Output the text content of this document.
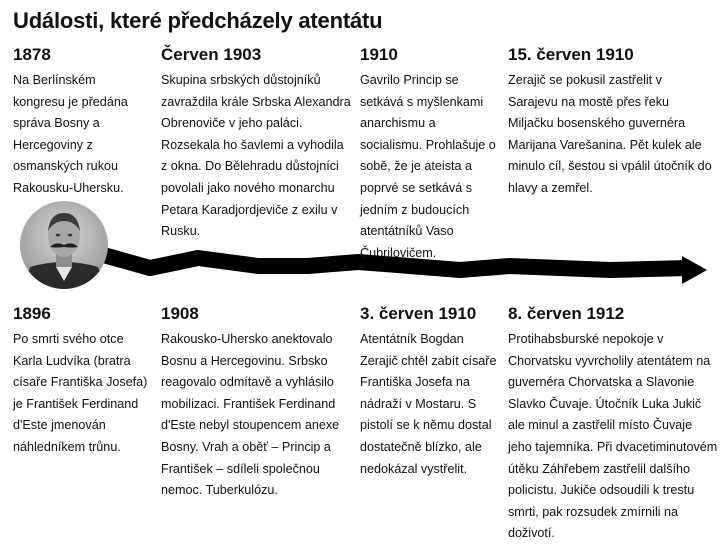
Události, které předcházely atentátu
1878
Na Berlínském kongresu je předána správa Bosny a Hercegoviny z osmanských rukou Rakousku-Uhersku.
Červen 1903
Skupina srbských důstojníků zavraždila krále Srbska Alexandra Obrenoviče v jeho paláci. Rozsekala ho šavlemi a vyhodila z okna. Do Bělehradu důstojníci povolali jako nového monarchu Petara Karadjordjeviče z exilu v Rusku.
1910
Gavrilo Princip se setkává s myšlenkami anarchismu a socialismu. Prohlašuje o sobě, že je ateista a poprvé se setkává s jedním z budoucích atentátníků Vaso Čubrilovičem.
15. červen 1910
Zerajič se pokusil zastřelit v Sarajevu na mostě přes řeku Miljačku bosenského guvernéra Marijana Varešanina. Pět kulek ale minulo cíl, šestou si vpálil útočník do hlavy a zemřel.
1896
Po smrti svého otce Karla Ludvíka (bratra císaře Františka Josefa) je František Ferdinand d'Este jmenován náhledníkem trůnu.
1908
Rakousko-Uhersko anektovalo Bosnu a Hercegovinu. Srbsko reagovalo odmítavě a vyhlásilo mobilizaci. František Ferdinand d'Este nebyl stoupencem anexe Bosny. Vrah a oběť – Princip a František – sdíleli společnou nemoc. Tuberkulózu.
3. červen 1910
Atentátník Bogdan Zerajič chtěl zabít císaře Františka Josefa na nádraží v Mostaru. S pistolí se k němu dostal dostatečně blízko, ale nedokázal vystřelit.
8. červen 1912
Protihabsburské nepokoje v Chorvatsku vyvrcholily atentátem na guvernéra Chorvatska a Slavonie Slavko Čuvaje. Útočník Luka Jukič ale minul a zastřelil místo Čuvaje jeho tajemníka. Při dvacetiminutovém útěku Záhřebem zastřelil dalšího policistu. Jukiče odsoudili k trestu smrti, pak rozsudek zmírnili na doživotí.
